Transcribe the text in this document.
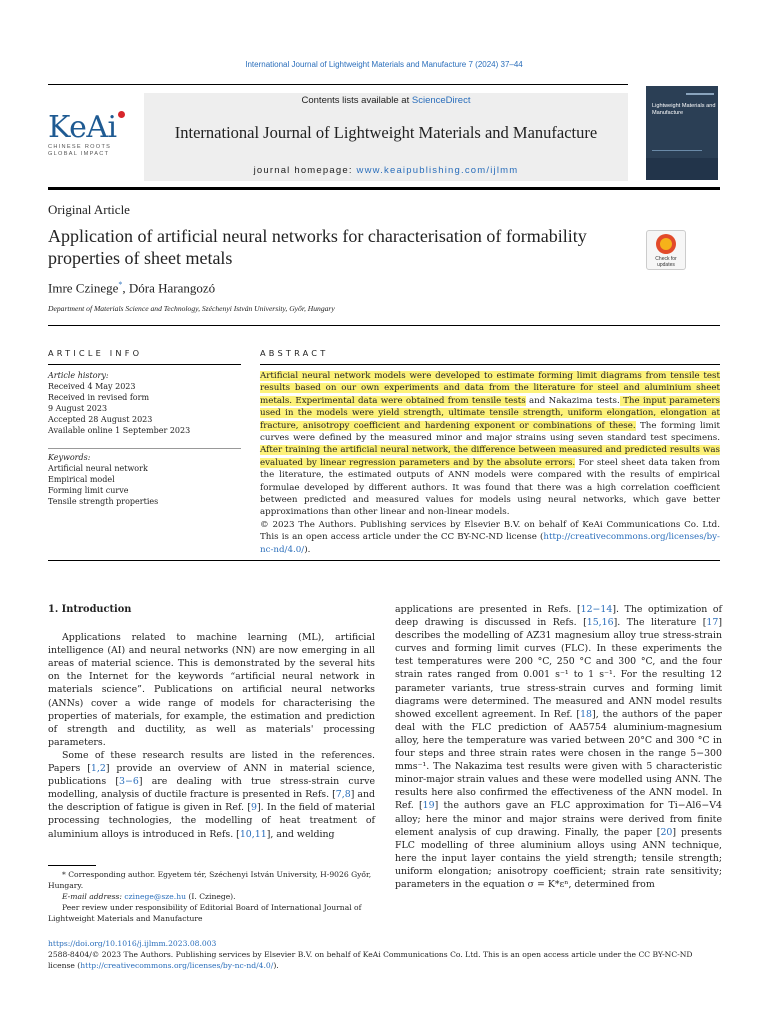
International Journal of Lightweight Materials and Manufacture 7 (2024) 37–44
KeAi
CHINESE ROOTS
GLOBAL IMPACT
Contents lists available at ScienceDirect
International Journal of Lightweight Materials and Manufacture
journal homepage: www.keaipublishing.com/ijlmm
Lightweight Materials and Manufacture
Original Article
Application of artificial neural networks for characterisation of formability properties of sheet metals	Check for
updates
Imre Czinege*, Dóra Harangozó
Department of Materials Science and Technology, Széchenyi István University, Győr, Hungary
ARTICLE INFO	ABSTRACT
Article history:
Received 4 May 2023
Received in revised form
9 August 2023
Accepted 28 August 2023
Available online 1 September 2023
Keywords:
Artificial neural network
Empirical model
Forming limit curve
Tensile strength properties
Artificial neural network models were developed to estimate forming limit diagrams from tensile test results based on our own experiments and data from the literature for steel and aluminium sheet metals. Experimental data were obtained from tensile tests and Nakazima tests. The input parameters used in the models were yield strength, ultimate tensile strength, uniform elongation, elongation at fracture, anisotropy coefficient and hardening exponent or combinations of these. The forming limit curves were defined by the measured minor and major strains using seven standard test specimens. After training the artificial neural network, the difference between measured and predicted results was evaluated by linear regression parameters and by the absolute errors. For steel sheet data taken from the literature, the estimated outputs of ANN models were compared with the results of empirical formulae developed by different authors. It was found that there was a high correlation coefficient between predicted and measured values for models using neural networks, which gave better approximations than other linear and non-linear models.
© 2023 The Authors. Publishing services by Elsevier B.V. on behalf of KeAi Communications Co. Ltd. This is an open access article under the CC BY-NC-ND license (http://creativecommons.org/licenses/by-nc-nd/4.0/).
1. Introduction

Applications related to machine learning (ML), artificial intelligence (AI) and neural networks (NN) are now emerging in all areas of material science. This is demonstrated by the several hits on the Internet for the keywords “artificial neural network in materials science”. Publications on artificial neural networks (ANNs) cover a wide range of models for characterising the properties of materials, for example, the estimation and prediction of strength and ductility, as well as materials' processing parameters.

Some of these research results are listed in the references. Papers [1,2] provide an overview of ANN in material science, publications [3−6] are dealing with true stress-strain curve modelling, analysis of ductile fracture is presented in Refs. [7,8] and the description of fatigue is given in Ref. [9]. In the field of material processing technologies, the modelling of heat treatment of aluminium alloys is introduced in Refs. [10,11], and welding

applications are presented in Refs. [12−14]. The optimization of deep drawing is discussed in Refs. [15,16]. The literature [17] describes the modelling of AZ31 magnesium alloy true stress-strain curves and forming limit curves (FLC). In these experiments the test temperatures were 200 °C, 250 °C and 300 °C, and the four strain rates ranged from 0.001 s⁻¹ to 1 s⁻¹. For the resulting 12 parameter variants, true stress-strain curves and forming limit diagrams were determined. The measured and ANN model results showed excellent agreement. In Ref. [18], the authors of the paper deal with the FLC prediction of AA5754 aluminium-magnesium alloy, here the temperature was varied between 20°C and 300 °C in four steps and three strain rates were chosen in the range 5−300 mms⁻¹. The Nakazima test results were given with 5 characteristic minor-major strain values and these were modelled using ANN. The results here also confirmed the effectiveness of the ANN model. In Ref. [19] the authors gave an FLC approximation for Ti−Al6−V4 alloy; here the minor and major strains were derived from finite element analysis of cup drawing. Finally, the paper [20] presents FLC modelling of three aluminium alloys using ANN technique, here the input layer contains the yield strength; tensile strength; uniform elongation; anisotropy coefficient; strain rate sensitivity; parameters in the equation σ = K*εⁿ, determined from

* Corresponding author. Egyetem tér, Széchenyi István University, H-9026 Győr, Hungary.

E-mail address: czinege@sze.hu (I. Czinege).

Peer review under responsibility of Editorial Board of International Journal of Lightweight Materials and Manufacture

https://doi.org/10.1016/j.ijlmm.2023.08.003
2588-8404/© 2023 The Authors. Publishing services by Elsevier B.V. on behalf of KeAi Communications Co. Ltd. This is an open access article under the CC BY-NC-ND license (http://creativecommons.org/licenses/by-nc-nd/4.0/).
